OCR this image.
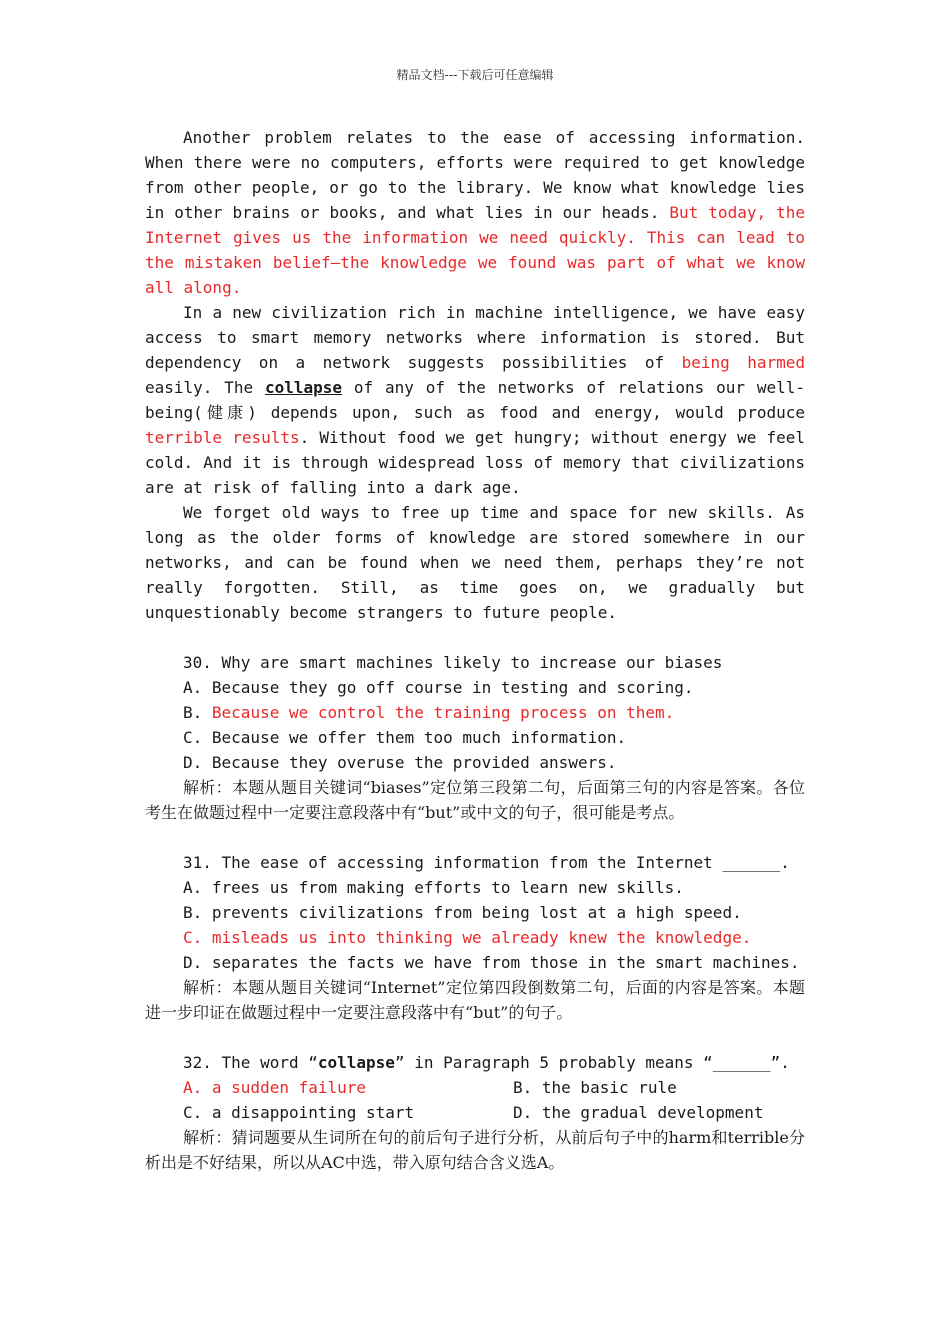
精品文档---下载后可任意编辑

Another problem relates to the ease of accessing information. When there were no computers, efforts were required to get knowledge from other people, or go to the library. We know what knowledge lies in other brains or books, and what lies in our heads. But today, the Internet gives us the information we need quickly. This can lead to the mistaken belief—the knowledge we found was part of what we know all along.

In a new civilization rich in machine intelligence, we have easy access to smart memory networks where information is stored. But dependency on a network suggests possibilities of being harmed easily. The collapse of any of the networks of relations our well-being(健康) depends upon, such as food and energy, would produce terrible results. Without food we get hungry; without energy we feel cold. And it is through widespread loss of memory that civilizations are at risk of falling into a dark age.

We forget old ways to free up time and space for new skills. As long as the older forms of knowledge are stored somewhere in our networks, and can be found when we need them, perhaps they’re not really forgotten. Still, as time goes on, we gradually but unquestionably become strangers to future people.

30. Why are smart machines likely to increase our biases

A. Because they go off course in testing and scoring.

B. Because we control the training process on them.

C. Because we offer them too much information.

D. Because they overuse the provided answers.

解析：本题从题目关键词“biases”定位第三段第二句，后面第三句的内容是答案。各位考生在做题过程中一定要注意段落中有“but”或中文的句子，很可能是考点。

31. The ease of accessing information from the Internet ______.

A. frees us from making efforts to learn new skills.

B. prevents civilizations from being lost at a high speed.

C. misleads us into thinking we already knew the knowledge.

D. separates the facts we have from those in the smart machines.

解析：本题从题目关键词“Internet”定位第四段倒数第二句，后面的内容是答案。本题进一步印证在做题过程中一定要注意段落中有“but”的句子。

32. The word “collapse” in Paragraph 5 probably means “______”.

A. a sudden failure	B. the basic rule
C. a disappointing start	D. the gradual development

解析：猜词题要从生词所在句的前后句子进行分析，从前后句子中的harm和terrible分析出是不好结果，所以从AC中选，带入原句结合含义选A。
